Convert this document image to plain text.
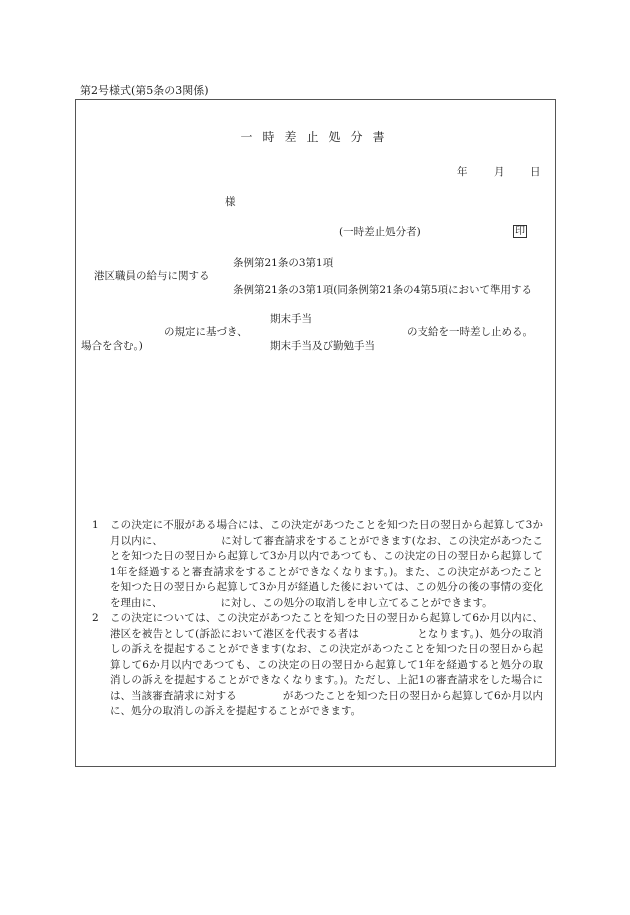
第2号様式(第5条の3関係)
一時差止処分書
年	月 日
様
(一時差止処分者)	印
条例第21条の3第1項
港区職員の給与に関する
条例第21条の3第1項(同条例第21条の4第5項において準用する
期末手当
の規定に基づき、	の支給を一時差し止める。
場合を含む。)	期末手当及び勤勉手当
1	この決定に不服がある場合には、この決定があつたことを知つた日の翌日から起算して3か月以内に、	に対して審査請求をすることができます(なお、この決定があつたことを知つた日の翌日から起算して3か月以内であつても、この決定の日の翌日から起算して1年を経過すると審査請求をすることができなくなります。)。また、この決定があつたことを知つた日の翌日から起算して3か月が経過した後においては、この処分の後の事情の変化を理由に、	に対し、この処分の取消しを申し立てることができます。
2	この決定については、この決定があつたことを知つた日の翌日から起算して6か月以内に、港区を被告として(訴訟において港区を代表する者は	となります。)、処分の取消しの訴えを提起することができます(なお、この決定があつたことを知つた日の翌日から起算して6か月以内であつても、この決定の日の翌日から起算して1年を経過すると処分の取消しの訴えを提起することができなくなります。)。ただし、上記1の審査請求をした場合には、当該審査請求に対する	があつたことを知つた日の翌日から起算して6か月以内に、処分の取消しの訴えを提起することができます。
